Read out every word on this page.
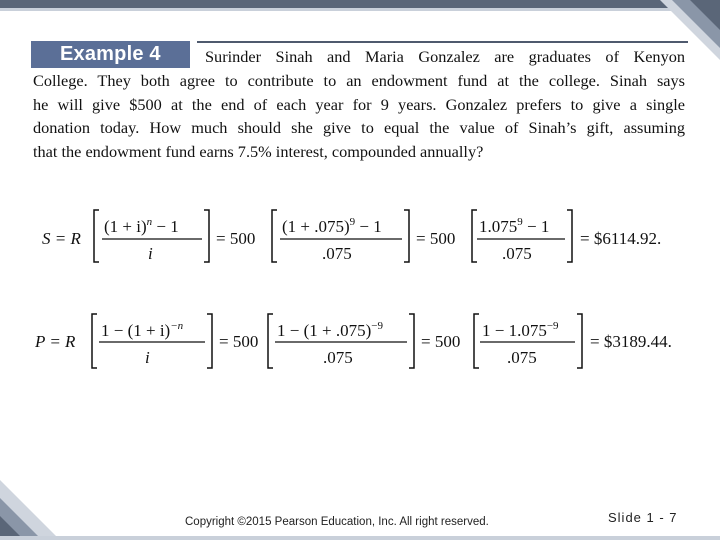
Example 4	Surinder Sinah and Maria Gonzalez are graduates of Kenyon
College. They both agree to contribute to an endowment fund at the college. Sinah says
he will give $500 at the end of each year for 9 years. Gonzalez prefers to give a single
donation today. How much should she give to equal the value of Sinah’s gift, assuming
that the endowment fund earns 7.5% interest, compounded annually?
S = R
$(1 + i)^n - 1$
i
= 500
$(1 + .075)^9 - 1$
.075
= 500
$1.075^9 - 1$
.075
= $6114.92.
P = R
$1 - (1 + i)^{-n}$
i
= 500
$1 - (1 + .075)^{-9}$
.075
= 500
$1 - 1.075^{-9}$
.075
= $3189.44.
Copyright ©2015 Pearson Education, Inc. All right reserved.	Slide 1 - 7
